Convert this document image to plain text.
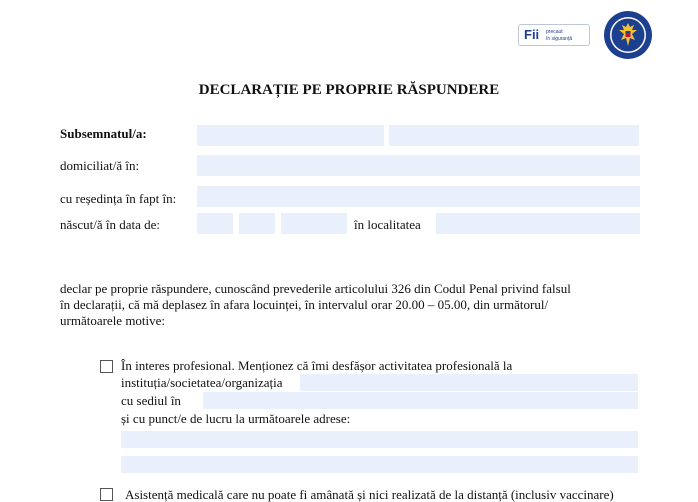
Fii precaut
în siguranță
DECLARAȚIE PE PROPRIE RĂSPUNDERE
Subsemnatul/a:
domiciliat/ă în:
cu reședința în fapt în:
născut/ă în data de:	în localitatea
declar pe proprie răspundere, cunoscând prevederile articolului 326 din Codul Penal privind falsul
în declarații, că mă deplasez în afara locuinței, în intervalul orar 20.00 – 05.00, din următorul/
următoarele motive:
În interes profesional. Menționez că îmi desfășor activitatea profesională la
instituția/societatea/organizația
cu sediul în
și cu punct/e de lucru la următoarele adrese:
Asistență medicală care nu poate fi amânată și nici realizată de la distanță (inclusiv vaccinare)
